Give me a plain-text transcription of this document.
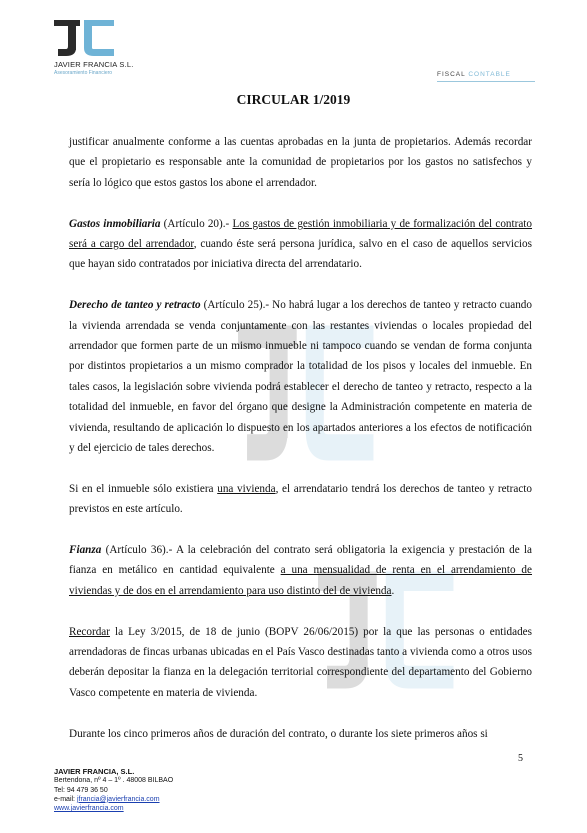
JAVIER FRANCIA S.L.
Asesoramiento Financiero	FISCAL CONTABLE
CIRCULAR 1/2019

justificar anualmente conforme a las cuentas aprobadas en la junta de propietarios. Además recordar que el propietario es responsable ante la comunidad de propietarios por los gastos no satisfechos y sería lo lógico que estos gastos los abone el arrendador.

Gastos inmobiliaria (Artículo 20).- Los gastos de gestión inmobiliaria y de formalización del contrato será a cargo del arrendador, cuando éste será persona jurídica, salvo en el caso de aquellos servicios que hayan sido contratados por iniciativa directa del arrendatario.

Derecho de tanteo y retracto (Artículo 25).- No habrá lugar a los derechos de tanteo y retracto cuando la vivienda arrendada se venda conjuntamente con las restantes viviendas o locales propiedad del arrendador que formen parte de un mismo inmueble ni tampoco cuando se vendan de forma conjunta por distintos propietarios a un mismo comprador la totalidad de los pisos y locales del inmueble. En tales casos, la legislación sobre vivienda podrá establecer el derecho de tanteo y retracto, respecto a la totalidad del inmueble, en favor del órgano que designe la Administración competente en materia de vivienda, resultando de aplicación lo dispuesto en los apartados anteriores a los efectos de notificación y del ejercicio de tales derechos.

Si en el inmueble sólo existiera una vivienda, el arrendatario tendrá los derechos de tanteo y retracto previstos en este artículo.

Fianza (Artículo 36).- A la celebración del contrato será obligatoria la exigencia y prestación de la fianza en metálico en cantidad equivalente a una mensualidad de renta en el arrendamiento de viviendas y de dos en el arrendamiento para uso distinto del de vivienda.

Recordar la Ley 3/2015, de 18 de junio (BOPV 26/06/2015) por la que las personas o entidades arrendadoras de fincas urbanas ubicadas en el País Vasco destinadas tanto a vivienda como a otros usos deberán depositar la fianza en la delegación territorial correspondiente del departamento del Gobierno Vasco competente en materia de vivienda.

Durante los cinco primeros años de duración del contrato, o durante los siete primeros años si

5
JAVIER FRANCIA, S.L.
Bertendona, nº 4 – 1º . 48008 BILBAO
Tel: 94 479 36 50
e-mail: jfrancia@javierfrancia.com
www.javierfrancia.com
